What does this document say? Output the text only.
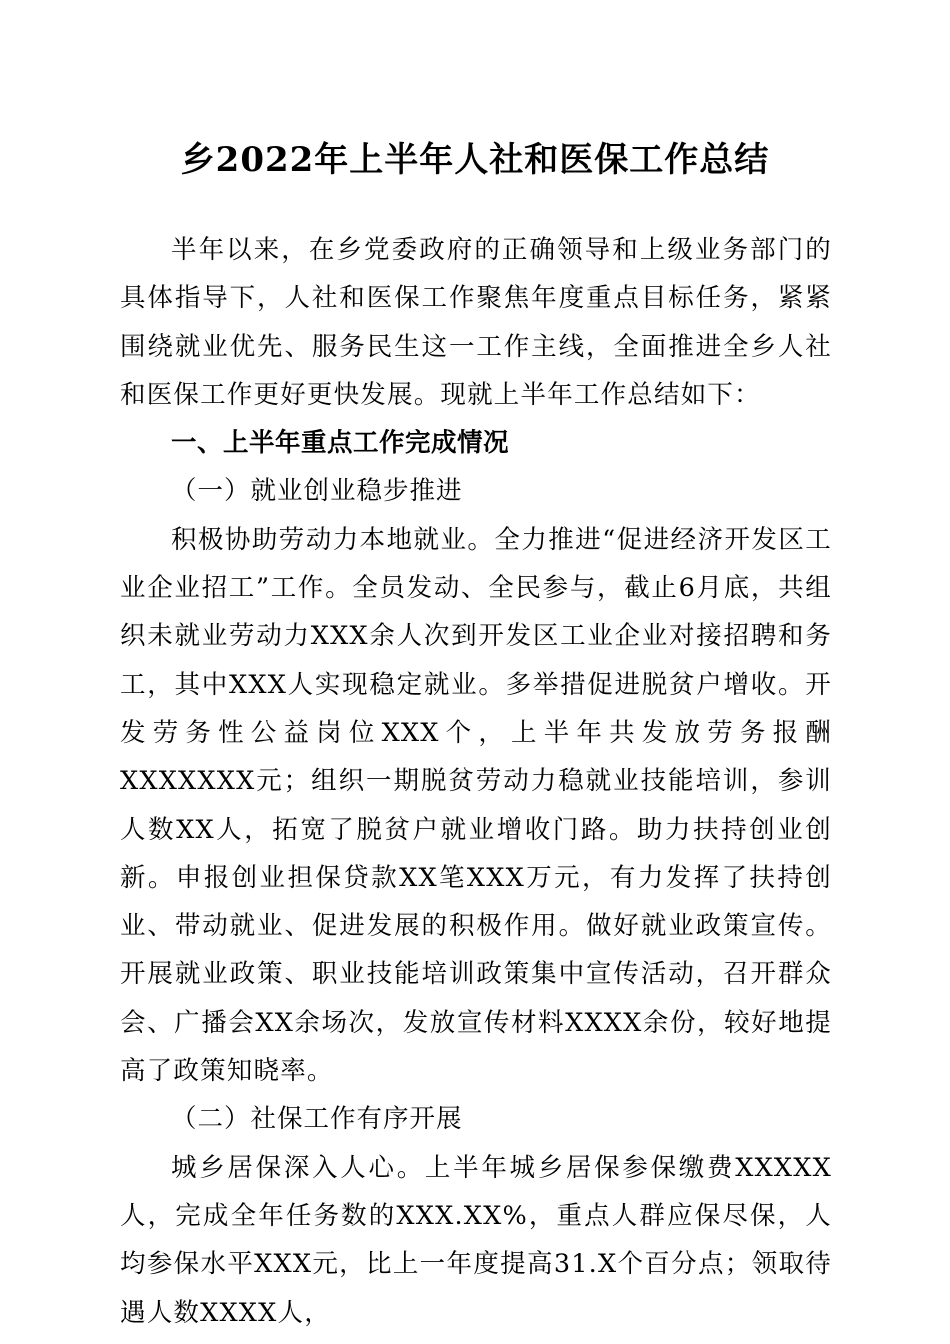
乡2022年上半年人社和医保工作总结

半年以来，在乡党委政府的正确领导和上级业务部门的具体指导下，人社和医保工作聚焦年度重点目标任务，紧紧围绕就业优先、服务民生这一工作主线，全面推进全乡人社和医保工作更好更快发展。现就上半年工作总结如下：

一、上半年重点工作完成情况

（一）就业创业稳步推进

积极协助劳动力本地就业。全力推进“促进经济开发区工业企业招工”工作。全员发动、全民参与，截止6月底，共组织未就业劳动力XXX余人次到开发区工业企业对接招聘和务工，其中XXX人实现稳定就业。多举措促进脱贫户增收。开发劳务性公益岗位XXX个，上半年共发放劳务报酬XXXXXXX元；组织一期脱贫劳动力稳就业技能培训，参训人数XX人，拓宽了脱贫户就业增收门路。助力扶持创业创新。申报创业担保贷款XX笔XXX万元，有力发挥了扶持创业、带动就业、促进发展的积极作用。做好就业政策宣传。开展就业政策、职业技能培训政策集中宣传活动，召开群众会、广播会XX余场次，发放宣传材料XXXX余份，较好地提高了政策知晓率。

（二）社保工作有序开展

城乡居保深入人心。上半年城乡居保参保缴费XXXXX人，完成全年任务数的XXX.XX%，重点人群应保尽保，人均参保水平XXX元，比上一年度提高31.X个百分点；领取待遇人数XXXX人，
